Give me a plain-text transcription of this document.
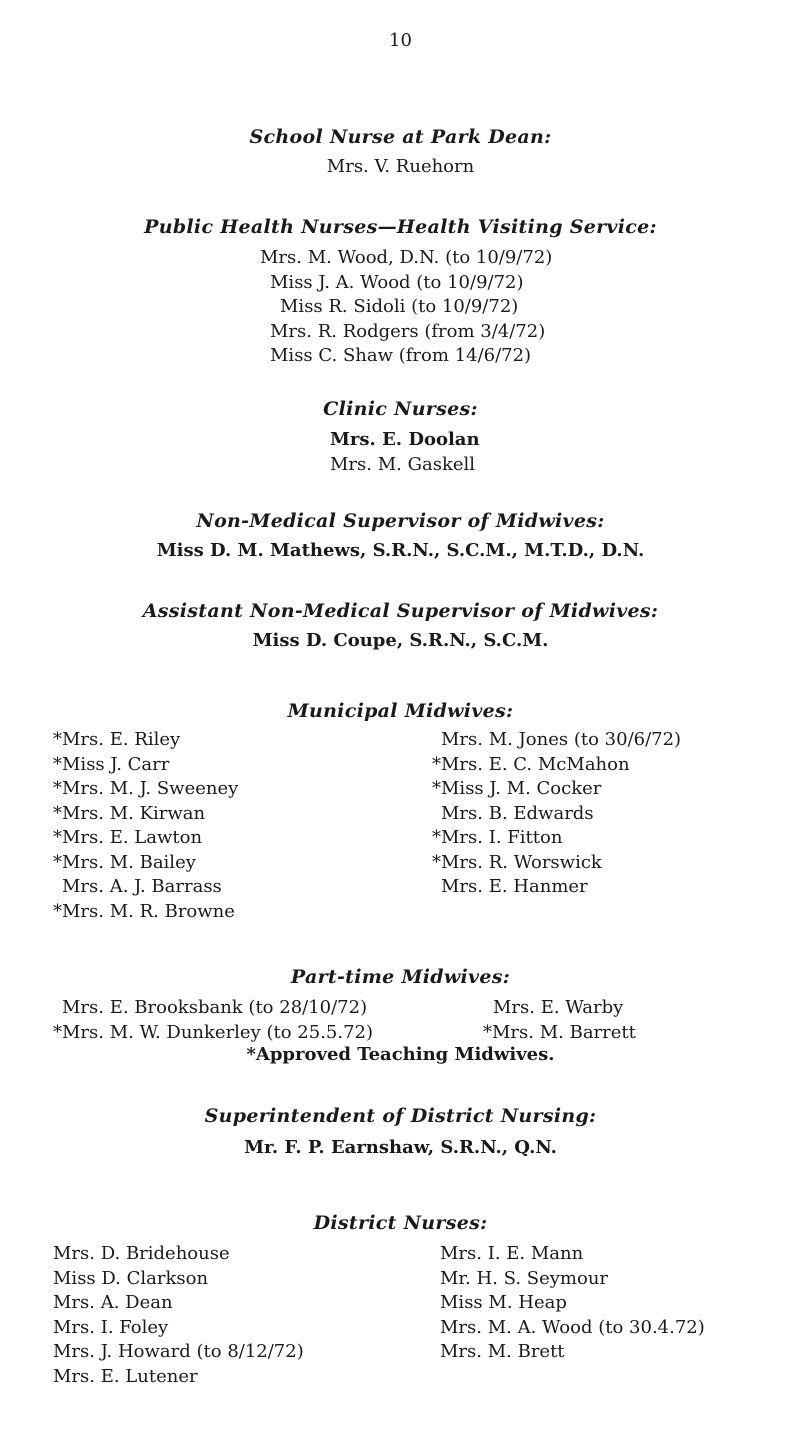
10
School Nurse at Park Dean:
Mrs. V. Ruehorn
Public Health Nurses—Health Visiting Service:
Mrs. M. Wood, D.N. (to 10/9/72)
Miss J. A. Wood (to 10/9/72)
Miss R. Sidoli (to 10/9/72)
Mrs. R. Rodgers (from 3/4/72)
Miss C. Shaw (from 14/6/72)
Clinic Nurses:
Mrs. E. Doolan
Mrs. M. Gaskell
Non-Medical Supervisor of Midwives:
Miss D. M. Mathews, S.R.N., S.C.M., M.T.D., D.N.
Assistant Non-Medical Supervisor of Midwives:
Miss D. Coupe, S.R.N., S.C.M.
Municipal Midwives:
*Mrs. E. Riley
*Miss J. Carr
*Mrs. M. J. Sweeney
*Mrs. M. Kirwan
*Mrs. E. Lawton
*Mrs. M. Bailey
Mrs. A. J. Barrass
*Mrs. M. R. Browne
Mrs. M. Jones (to 30/6/72)
*Mrs. E. C. McMahon
*Miss J. M. Cocker
Mrs. B. Edwards
*Mrs. I. Fitton
*Mrs. R. Worswick
Mrs. E. Hanmer
Part-time Midwives:
Mrs. E. Brooksbank (to 28/10/72)
*Mrs. M. W. Dunkerley (to 25.5.72)
Mrs. E. Warby
*Mrs. M. Barrett
*Approved Teaching Midwives.
Superintendent of District Nursing:
Mr. F. P. Earnshaw, S.R.N., Q.N.
District Nurses:
Mrs. D. Bridehouse
Miss D. Clarkson
Mrs. A. Dean
Mrs. I. Foley
Mrs. J. Howard (to 8/12/72)
Mrs. E. Lutener
Mrs. I. E. Mann
Mr. H. S. Seymour
Miss M. Heap
Mrs. M. A. Wood (to 30.4.72)
Mrs. M. Brett
